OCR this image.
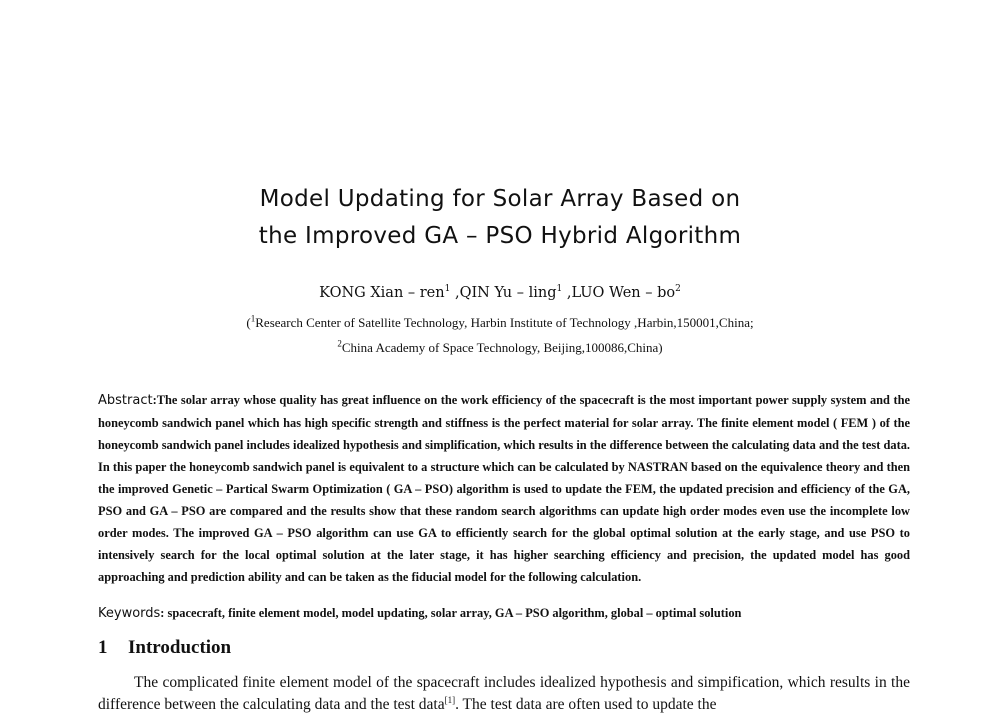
Model Updating for Solar Array Based on
the Improved GA – PSO Hybrid Algorithm
KONG Xian – ren$^1$ ,QIN Yu – ling$^1$ ,LUO Wen – $bo^2$
($^1$Research Center of Satellite Technology, Harbin Institute of Technology ,Harbin,150001,China;
$^2$China Academy of Space Technology, Beijing,100086,China)
Abstract:The solar array whose quality has great influence on the work efficiency of the spacecraft is the most important power supply system and the honeycomb sandwich panel which has high specific strength and stiffness is the perfect material for solar array. The finite element model ( FEM ) of the honeycomb sandwich panel includes idealized hypothesis and simplification, which results in the difference between the calculating data and the test data. In this paper the honeycomb sandwich panel is equivalent to a structure which can be calculated by NASTRAN based on the equivalence theory and then the improved Genetic – Partical Swarm Optimization ( GA – PSO) algorithm is used to update the FEM, the updated precision and efficiency of the GA, PSO and GA – PSO are compared and the results show that these random search algorithms can update high order modes even use the incomplete low order modes. The improved GA – PSO algorithm can use GA to efficiently search for the global optimal solution at the early stage, and use PSO to intensively search for the local optimal solution at the later stage, it has higher searching efficiency and precision, the updated model has good approaching and prediction ability and can be taken as the fiducial model for the following calculation.
Keywords: spacecraft, finite element model, model updating, solar array, GA – PSO algorithm, global – optimal solution
1 Introduction
The complicated finite element model of the spacecraft includes idealized hypothesis and simpification, which results in the difference between the calculating data and the test data[1]. The test data are often used to update the
